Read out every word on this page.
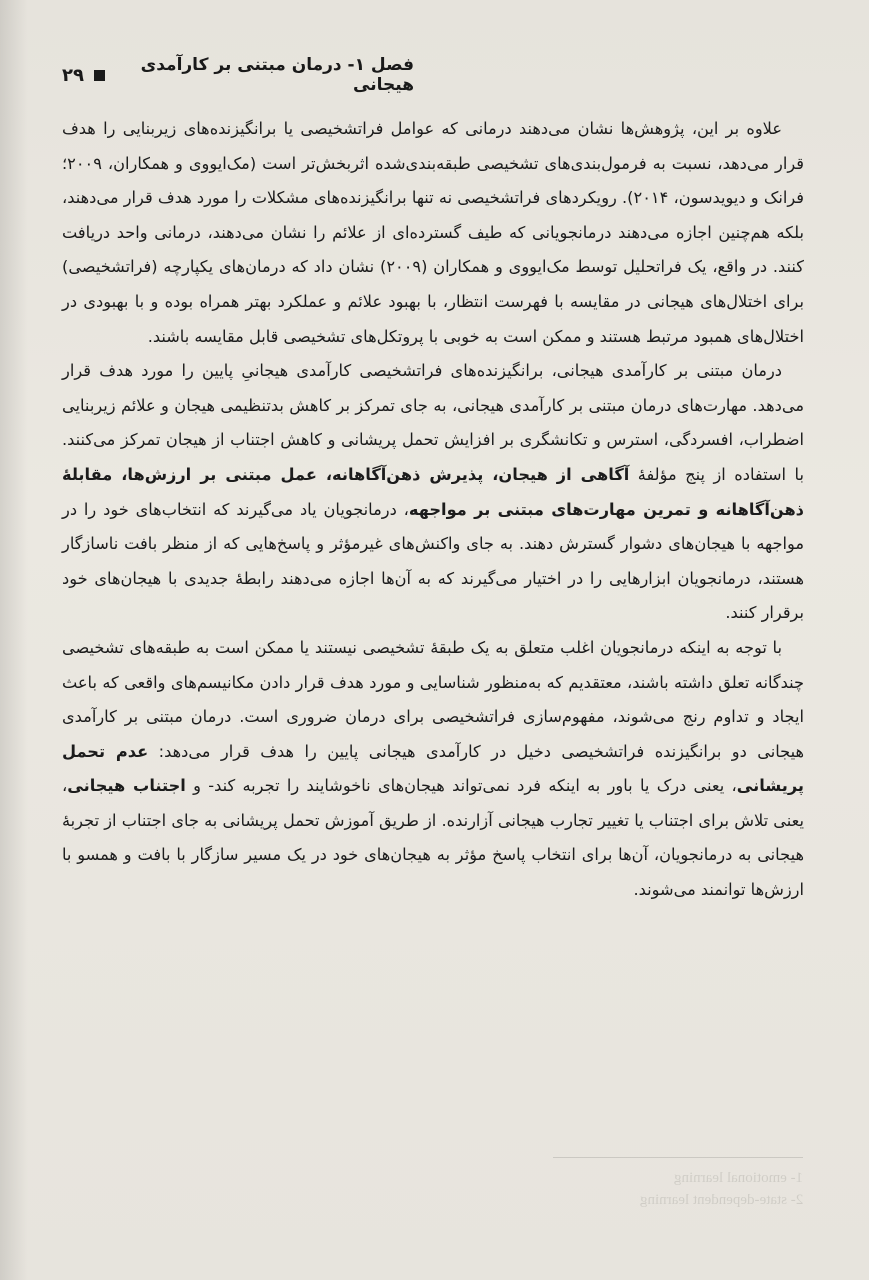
فصل ۱- درمان مبتنی بر کارآمدی هیجانی
۲۹

علاوه بر این، پژوهش‌ها نشان می‌دهند درمانی که عوامل فراتشخیصی یا برانگیزنده‌های زیربنایی را هدف قرار می‌دهد، نسبت به فرمول‌بندی‌های تشخیصی طبقه‌بندی‌شده اثربخش‌تر است (مک‌ایووی و همکاران، ۲۰۰۹؛ فرانک و دیویدسون، ۲۰۱۴). رویکردهای فراتشخیصی نه تنها برانگیزنده‌های مشکلات را مورد هدف قرار می‌دهند، بلکه هم‌چنین اجازه می‌دهند درمانجویانی که طیف گسترده‌ای از علائم را نشان می‌دهند، درمانی واحد دریافت کنند. در واقع، یک فراتحلیل توسط مک‌ایووی و همکاران (۲۰۰۹) نشان داد که درمان‌های یکپارچه (فراتشخیصی) برای اختلال‌های هیجانی در مقایسه با فهرست انتظار، با بهبود علائم و عملکرد بهتر همراه بوده و با بهبودی در اختلال‌های همبود مرتبط هستند و ممکن است به خوبی با پروتکل‌های تشخیصی قابل مقایسه باشند.

درمان مبتنی بر کارآمدی هیجانی، برانگیزنده‌های فراتشخیصی کارآمدی هیجانیِ پایین را مورد هدف قرار می‌دهد. مهارت‌های درمان مبتنی بر کارآمدی هیجانی، به جای تمرکز بر کاهش بدتنظیمی هیجان و علائم زیربنایی اضطراب، افسردگی، استرس و تکانشگری بر افزایش تحمل پریشانی و کاهش اجتناب از هیجان تمرکز می‌کنند. با استفاده از پنج مؤلفهٔ آگاهی از هیجان، پذیرش ذهن‌آگاهانه، عمل مبتنی بر ارزش‌ها، مقابلهٔ ذهن‌آگاهانه و تمرین مهارت‌های مبتنی بر مواجهه، درمانجویان یاد می‌گیرند که انتخاب‌های خود را در مواجهه با هیجان‌های دشوار گسترش دهند. به جای واکنش‌های غیرمؤثر و پاسخ‌هایی که از منظر بافت ناسازگار هستند، درمانجویان ابزارهایی را در اختیار می‌گیرند که به آن‌ها اجازه می‌دهند رابطهٔ جدیدی با هیجان‌های خود برقرار کنند.

با توجه به اینکه درمانجویان اغلب متعلق به یک طبقهٔ تشخیصی نیستند یا ممکن است به طبقه‌های تشخیصی چندگانه تعلق داشته باشند، معتقدیم که به‌منظور شناسایی و مورد هدف قرار دادن مکانیسم‌های واقعی که باعث ایجاد و تداوم رنج می‌شوند، مفهوم‌سازی فراتشخیصی برای درمان ضروری است. درمان مبتنی بر کارآمدی هیجانی دو برانگیزنده فراتشخیصی دخیل در کارآمدی هیجانی پایین را هدف قرار می‌دهد: عدم تحمل پریشانی، یعنی درک یا باور به اینکه فرد نمی‌تواند هیجان‌های ناخوشایند را تجربه کند- و اجتناب هیجانی، یعنی تلاش برای اجتناب یا تغییر تجارب هیجانی آزارنده. از طریق آموزش تحمل پریشانی به جای اجتناب از تجربهٔ هیجانی به درمانجویان، آن‌ها برای انتخاب پاسخ مؤثر به هیجان‌های خود در یک مسیر سازگار با بافت و همسو با ارزش‌ها توانمند می‌شوند.

1- emotional learning
2- state-dependent learning
